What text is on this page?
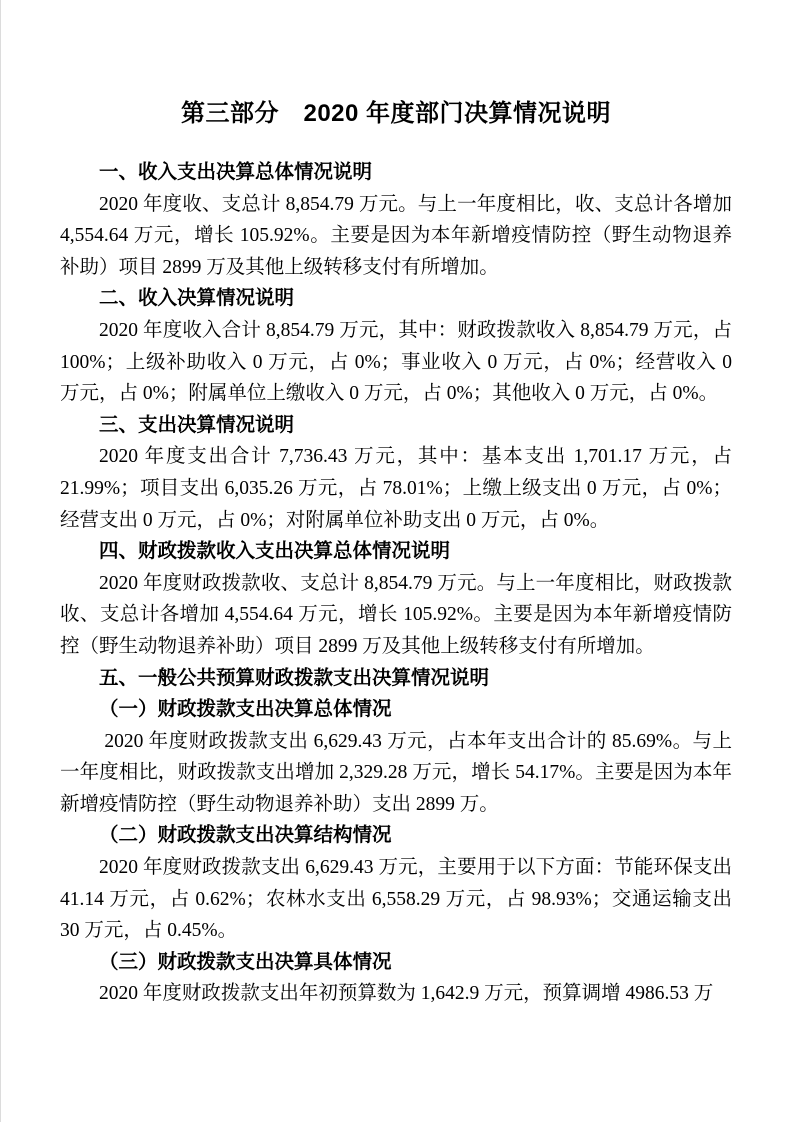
第三部分　2020 年度部门决算情况说明
一、收入支出决算总体情况说明
2020 年度收、支总计 8,854.79 万元。与上一年度相比，收、支总计各增加 4,554.64 万元，增长 105.92%。主要是因为本年新增疫情防控（野生动物退养补助）项目 2899 万及其他上级转移支付有所增加。
二、收入决算情况说明
2020 年度收入合计 8,854.79 万元，其中：财政拨款收入 8,854.79 万元，占 100%；上级补助收入 0 万元，占 0%；事业收入 0 万元，占 0%；经营收入 0 万元，占 0%；附属单位上缴收入 0 万元，占 0%；其他收入 0 万元，占 0%。
三、支出决算情况说明
2020 年度支出合计 7,736.43 万元，其中：基本支出 1,701.17 万元，占 21.99%；项目支出 6,035.26 万元，占 78.01%；上缴上级支出 0 万元，占 0%；经营支出 0 万元，占 0%；对附属单位补助支出 0 万元，占 0%。
四、财政拨款收入支出决算总体情况说明
2020 年度财政拨款收、支总计 8,854.79 万元。与上一年度相比，财政拨款收、支总计各增加 4,554.64 万元，增长 105.92%。主要是因为本年新增疫情防控（野生动物退养补助）项目 2899 万及其他上级转移支付有所增加。
五、一般公共预算财政拨款支出决算情况说明
（一）财政拨款支出决算总体情况
2020 年度财政拨款支出 6,629.43 万元，占本年支出合计的 85.69%。与上一年度相比，财政拨款支出增加 2,329.28 万元，增长 54.17%。主要是因为本年新增疫情防控（野生动物退养补助）支出 2899 万。
（二）财政拨款支出决算结构情况
2020 年度财政拨款支出 6,629.43 万元，主要用于以下方面：节能环保支出 41.14 万元，占 0.62%；农林水支出 6,558.29 万元，占 98.93%；交通运输支出 30 万元，占 0.45%。
（三）财政拨款支出决算具体情况
2020 年度财政拨款支出年初预算数为 1,642.9 万元，预算调增 4986.53 万
